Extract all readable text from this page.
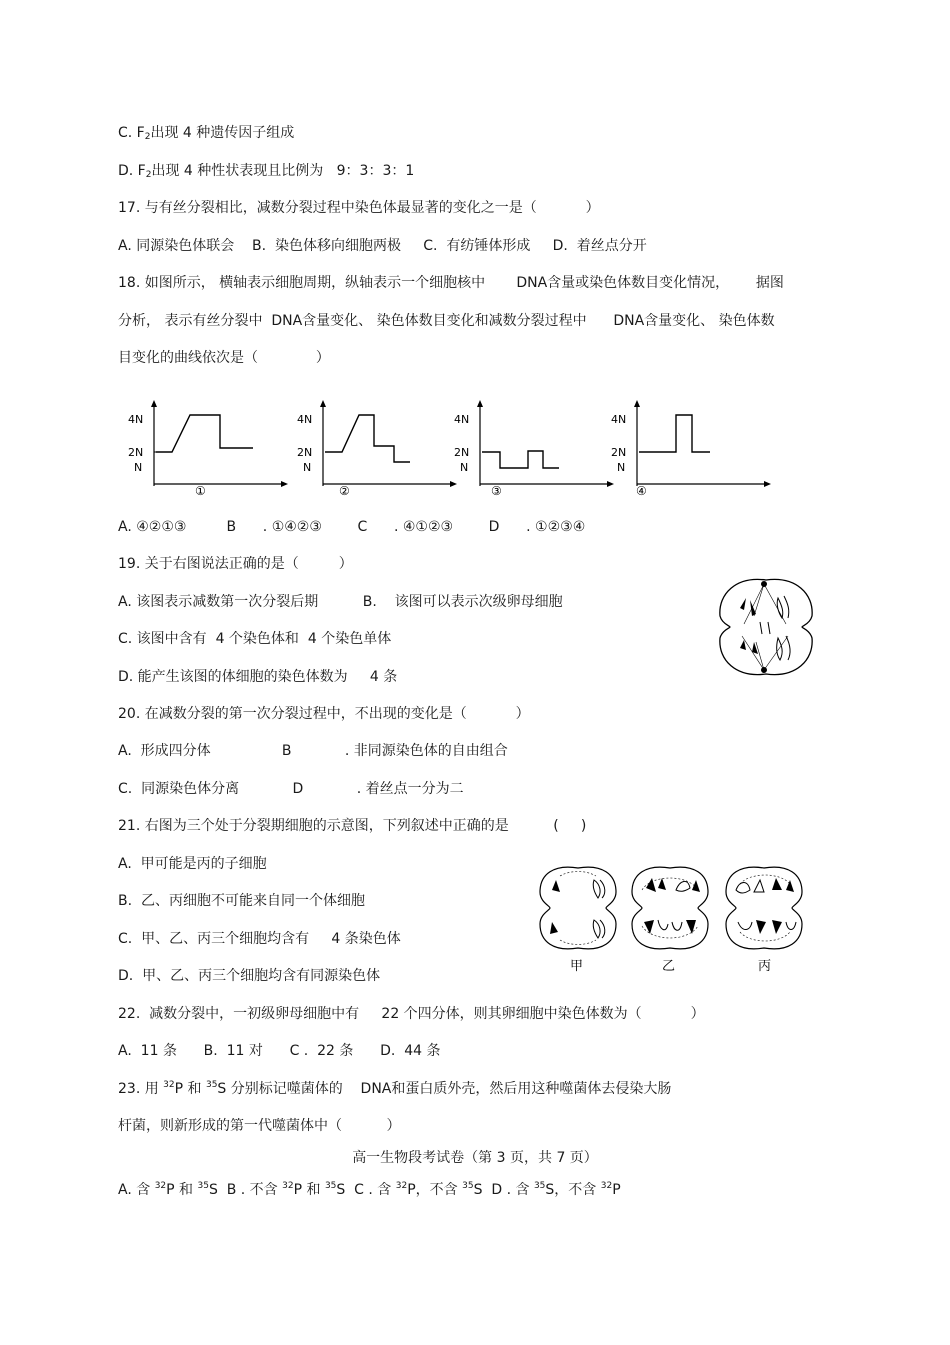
C. $F_2$出现 4 种遗传因子组成
D. $F_2$出现 4 种性状表现且比例为   9：3：3：1
17. 与有丝分裂相比，减数分裂过程中染色体最显著的变化之一是（           ）
A. 同源染色体联会    B.  染色体移向细胞两极     C.  有纺锤体形成     D.  着丝点分开
18. 如图所示， 横轴表示细胞周期，纵轴表示一个细胞核中       DNA含量或染色体数目变化情况，      据图
分析， 表示有丝分裂中  DNA含量变化、 染色体数目变化和减数分裂过程中      DNA含量变化、 染色体数
目变化的曲线依次是（             ）
4N
2N
N
①
4N
2N
N
②
4N
2N
N
③
4N
2N
N
④
A. ④②①③         B      . ①④②③        C      . ④①②③        D      . ①②③④
19. 关于右图说法正确的是（         ）
A. 该图表示减数第一次分裂后期          B.    该图可以表示次级卵母细胞
C. 该图中含有  4 个染色体和  4 个染色单体
D. 能产生该图的体细胞的染色体数为     4 条
20. 在减数分裂的第一次分裂过程中，不出现的变化是（           ）
A.  形成四分体                B            . 非同源染色体的自由组合
C.  同源染色体分离            D            . 着丝点一分为二
21. 右图为三个处于分裂期细胞的示意图，下列叙述中正确的是          (     )
A.  甲可能是丙的子细胞
B.  乙、丙细胞不可能来自同一个体细胞
C.  甲、乙、丙三个细胞均含有     4 条染色体
D.  甲、乙、丙三个细胞均含有同源染色体
甲	乙	丙
22.  减数分裂中，一初级卵母细胞中有     22 个四分体，则其卵细胞中染色体数为（           ）
A.  11 条      B.  11 对      C .  22 条      D.  44 条
23. 用 $^{32}$P 和 $^{35}$S 分别标记噬菌体的    DNA和蛋白质外壳，然后用这种噬菌体去侵染大肠
杆菌，则新形成的第一代噬菌体中（          ）
高一生物段考试卷（第 3 页，共 7 页）
A. 含 $^{32}$P 和 $^{35}$S  B . 不含 $^{32}$P 和 $^{35}$S  C . 含 $^{32}$P，不含 $^{35}$S  D . 含 $^{35}$S，不含 $^{32}$P
